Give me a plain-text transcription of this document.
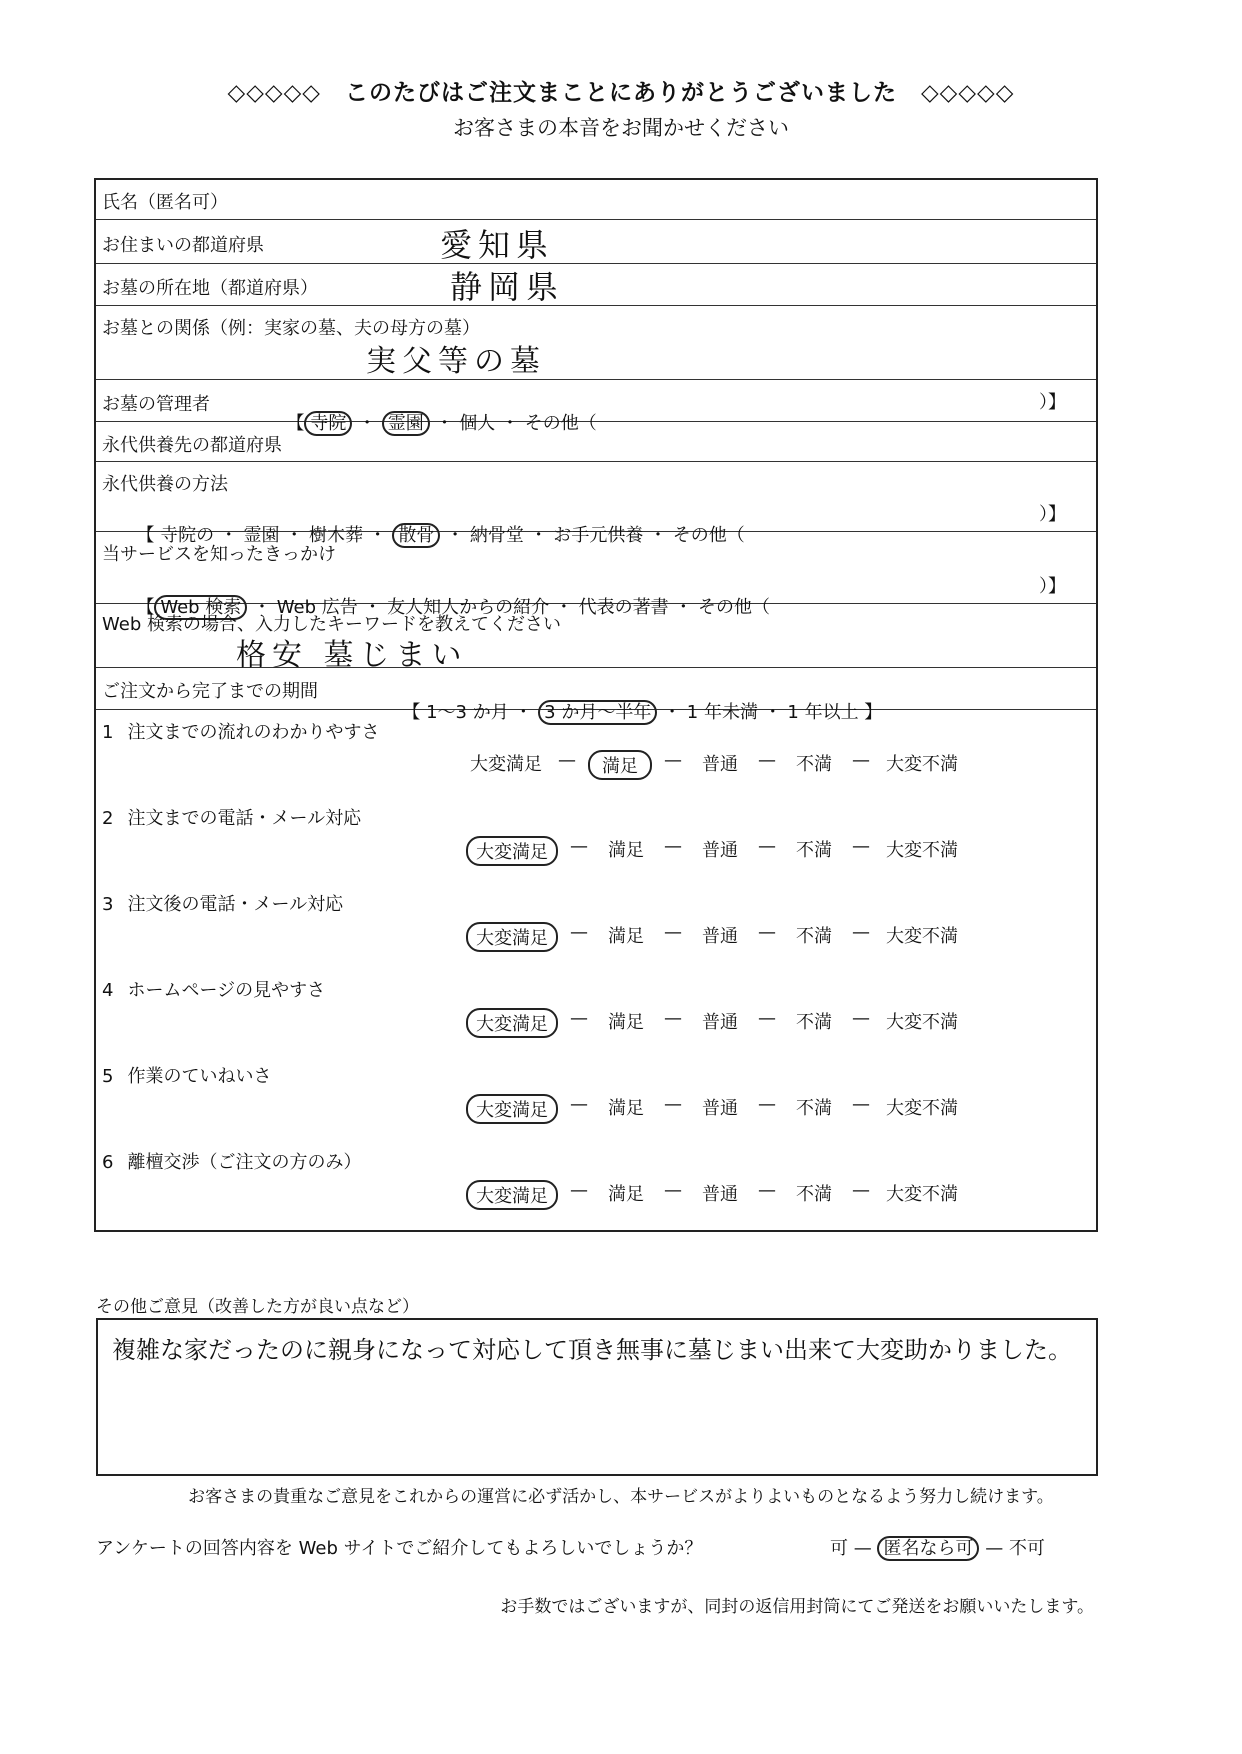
◇◇◇◇◇　このたびはご注文まことにありがとうございました　◇◇◇◇◇
お客さまの本音をお聞かせください
氏名（匿名可）
お住まいの都道府県	愛知県
お墓の所在地（都道府県）	静岡県
お墓との関係（例：実家の墓、夫の母方の墓）
実父等の墓
お墓の管理者

【 寺院 ・ 霊園 ・ 個人 ・ その他（

）】
永代供養先の都道府県
永代供養の方法

【 寺院の ・ 霊園 ・ 樹木葬 ・ 散骨 ・ 納骨堂 ・ お手元供養 ・ その他（

）】
当サービスを知ったきっかけ

【 Web 検索 ・ Web 広告 ・ 友人知人からの紹介 ・ 代表の著書 ・ その他（

）】
Web 検索の場合、入力したキーワードを教えてください
格安 墓じまい
ご注文から完了までの期間

【 1～3 か月 ・ 3 か月～半年 ・ 1 年未満 ・ 1 年以上 】

1 注文までの流れのわかりやすさ
大変満足 —	満足	—	普通	—	不満	— 大変不満
2 注文までの電話・メール対応
大変満足	—	満足	—	普通	—	不満	— 大変不満
3 注文後の電話・メール対応
大変満足	—	満足	—	普通	—	不満	— 大変不満
4 ホームページの見やすさ
大変満足	—	満足	—	普通	—	不満	— 大変不満
5 作業のていねいさ
大変満足	—	満足	—	普通	—	不満	— 大変不満
6 離檀交渉（ご注文の方のみ）
大変満足	—	満足	—	普通	—	不満	— 大変不満
その他ご意見（改善した方が良い点など）
複雑な家だったのに親身になって対応して頂き無事に墓じまい出来て大変助かりました。
お客さまの貴重なご意見をこれからの運営に必ず活かし、本サービスがよりよいものとなるよう努力し続けます。
アンケートの回答内容を Web サイトでご紹介してもよろしいでしょうか？	可 — 匿名なら可 — 不可
お手数ではございますが、同封の返信用封筒にてご発送をお願いいたします。
